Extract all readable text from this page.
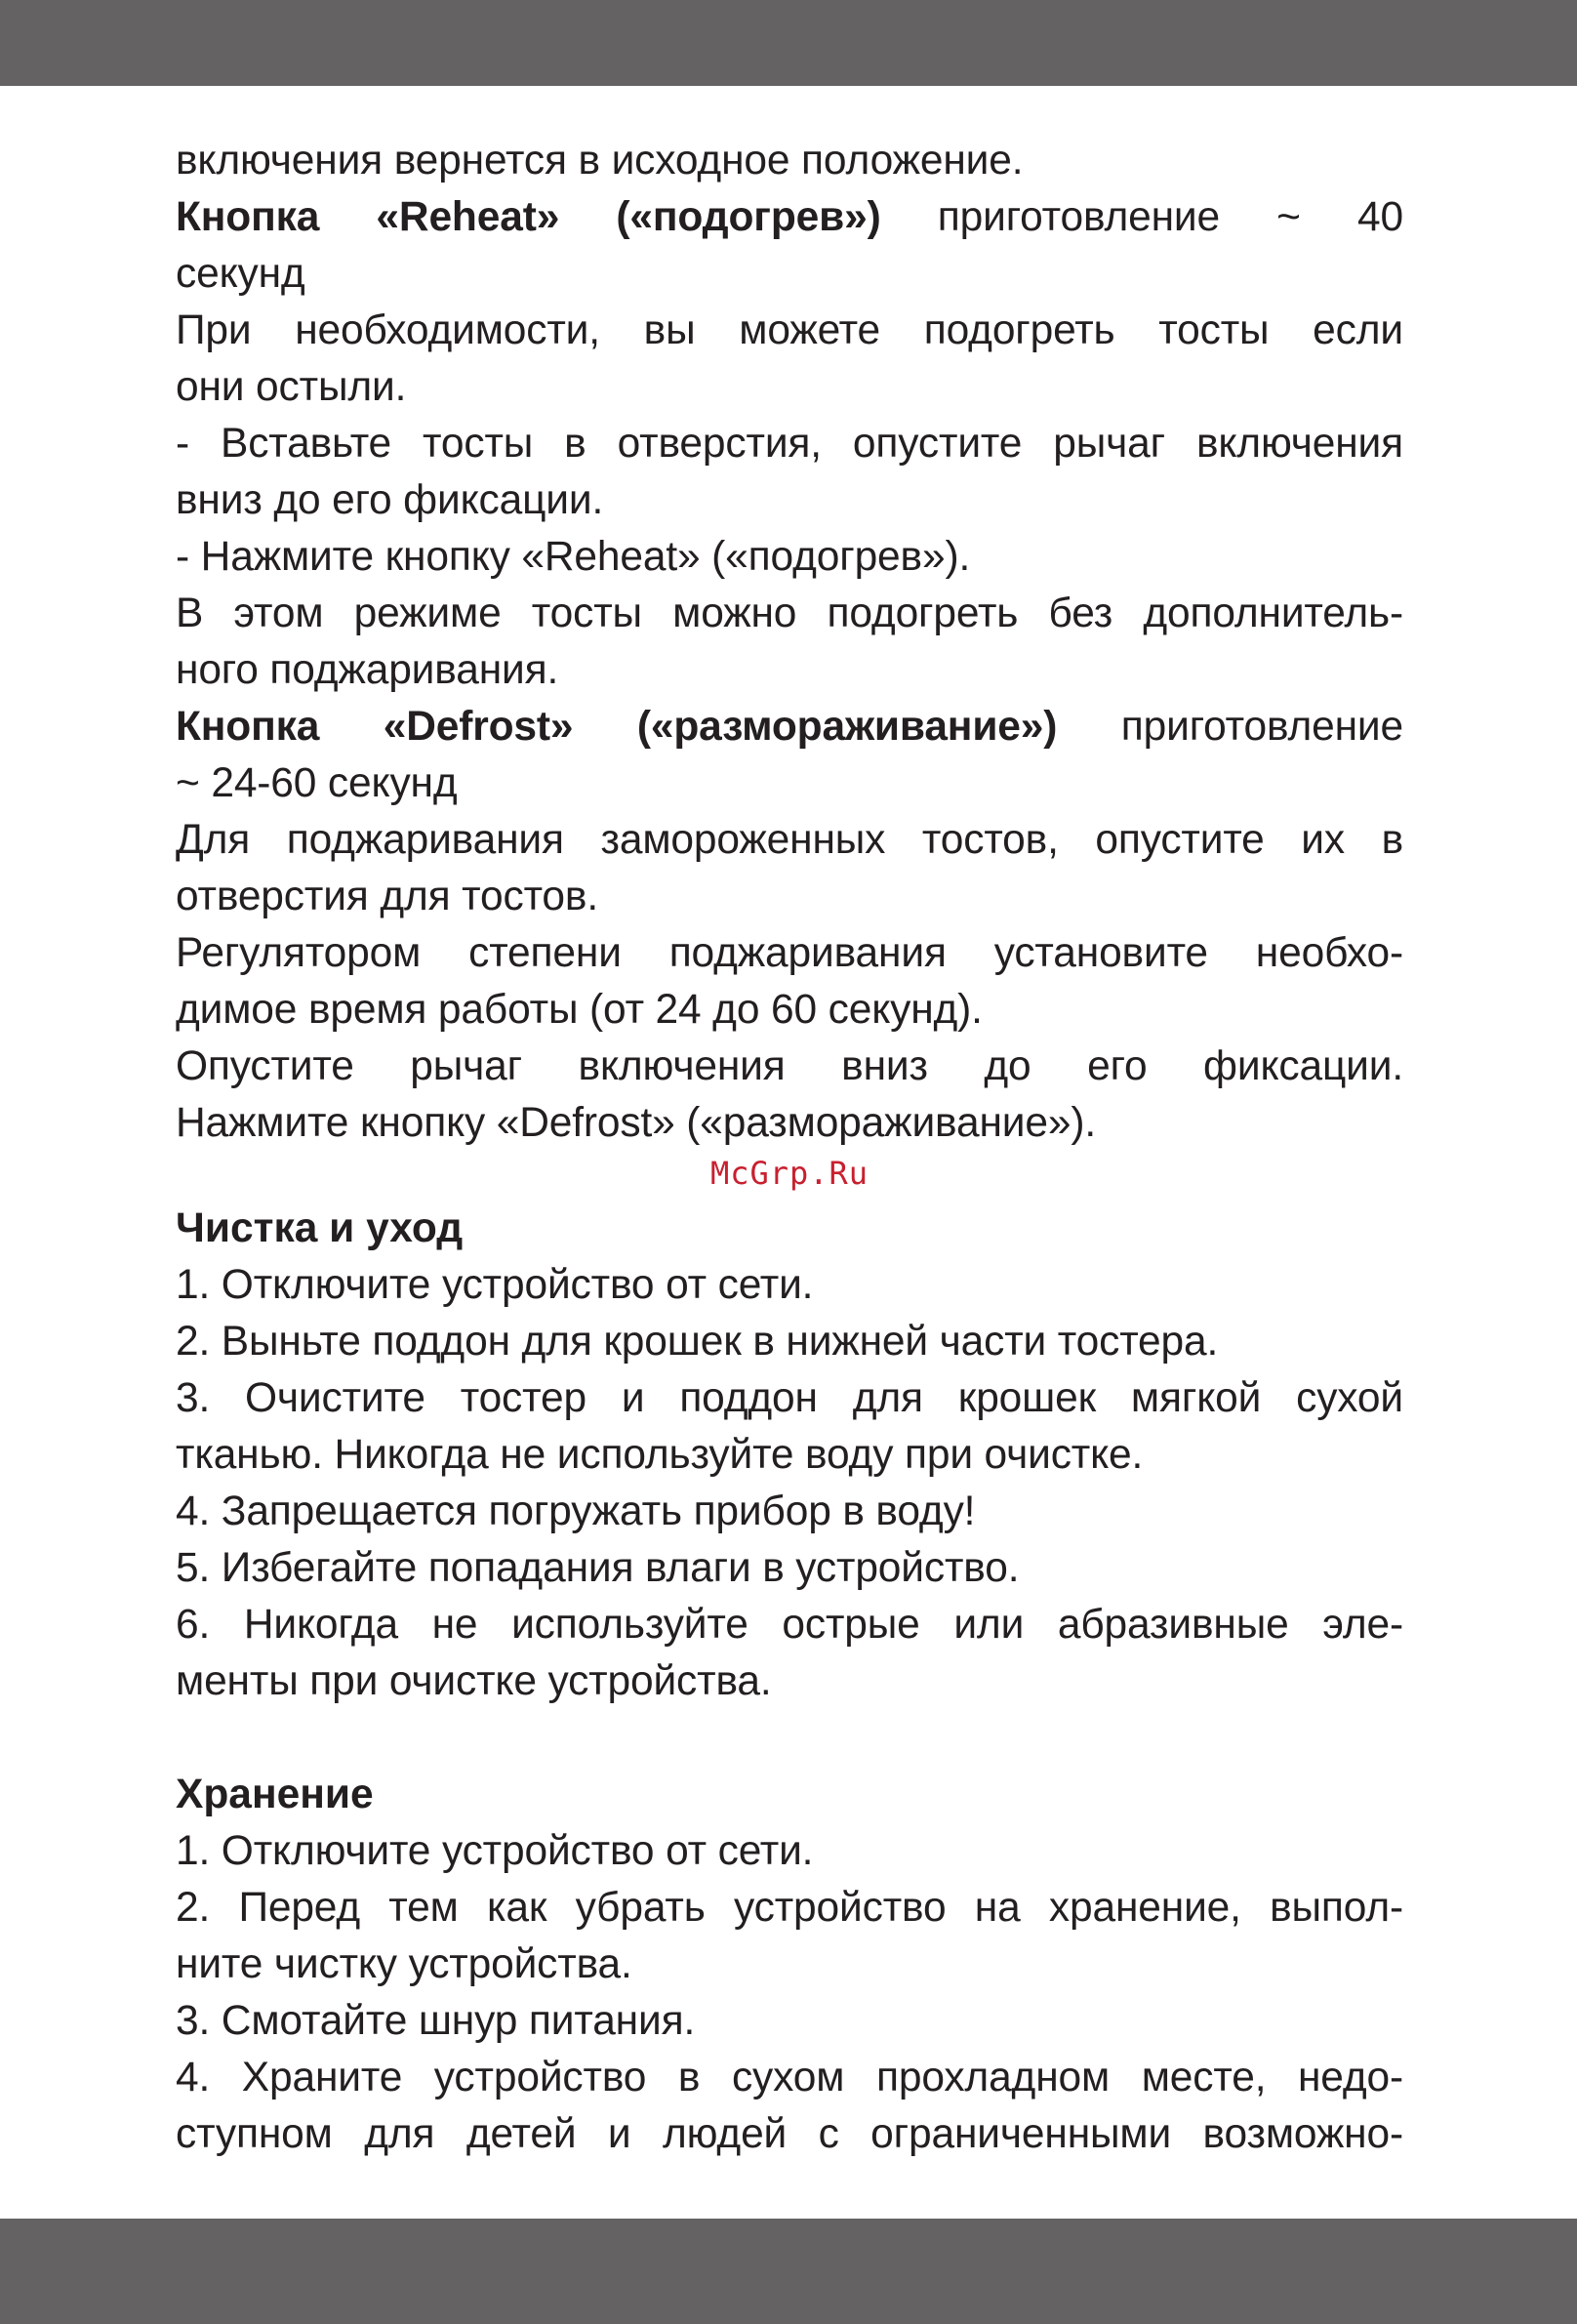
включения вернется в исходное положение.
Кнопка «Reheat» («подогрев») приготовление ~ 40
секунд
При необходимости, вы можете подогреть тосты если
они остыли.
- Вставьте тосты в отверстия, опустите рычаг включения
вниз до его фиксации.
- Нажмите кнопку «Reheat» («подогрев»).
В этом режиме тосты можно подогреть без дополнитель-
ного поджаривания.
Кнопка «Defrost» («размораживание») приготовление
~ 24-60 секунд
Для поджаривания замороженных тостов, опустите их в
отверстия для тостов.
Регулятором степени поджаривания установите необхо-
димое время работы (от 24 до 60 секунд).
Опустите рычаг включения вниз до его фиксации.
Нажмите кнопку «Defrost» («размораживание»).
McGrp.Ru
Чистка и уход
1. Отключите устройство от сети.
2. Выньте поддон для крошек в нижней части тостера.
3. Очистите тостер и поддон для крошек мягкой сухой
тканью. Никогда не используйте воду при очистке.
4. Запрещается погружать прибор в воду!
5. Избегайте попадания влаги в устройство.
6. Никогда не используйте острые или абразивные эле-
менты при очистке устройства.
Хранение
1. Отключите устройство от сети.
2. Перед тем как убрать устройство на хранение, выпол-
ните чистку устройства.
3. Смотайте шнур питания.
4. Храните устройство в сухом прохладном месте, недо-
ступном для детей и людей с ограниченными возможно-
